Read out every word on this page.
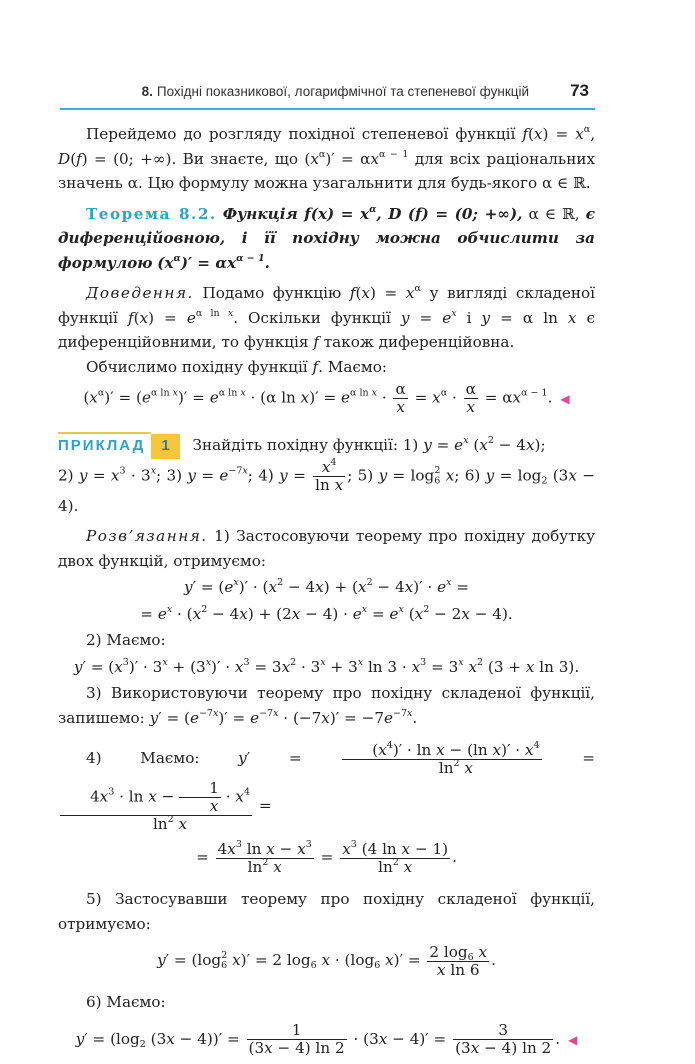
8. Похідні показникової, логарифмічної та степеневої функцій 73

Перейдемо до розгляду похідної степеневої функції $f(x) = x^\alpha$, D(f) = (0; +∞). Ви знаєте, що $(x^\alpha)' = \alpha x^{\alpha - 1}$ для всіх раціональних значень α. Цю формулу можна узагальнити для будь-якого α ∈ ℝ.

Теорема 8.2. Функція $f(x) = x^\alpha$, D (f) = (0; +∞), α ∈ ℝ, є диференційовною, і її похідну можна обчислити за формулою $(x^\alpha)' = \alpha x^{\alpha - 1}$.

Доведення. Подамо функцію $f(x) = x^\alpha$ у вигляді складеної функції $f(x) = e^{\alpha ln x}$. Оскільки функції $y = e^x$ і y = α ln x є диференційовними, то функція f також диференційовна.

Обчислимо похідну функції f. Маємо:

$(x^\alpha)' = (e^{\alpha ln x})' = e^{\alpha ln x} \cdot (\alpha$ $\ln x)' = e^{\alpha ln x} \cdot \frac{\alpha}{x} = x^\alpha \cdot \frac{\alpha}{x} = \alpha x^{\alpha - 1}$. ◀

ПРИКЛАД 1 Знайдіть похідну функції: 1) $y = e^x$ $(x^2 - 4x)$;

2) $y = x^3 \cdot 3^x$; 3) $y = e^{-7x}$; 4) $y = \frac{x^4}{\text{ln x}}$ ; 5) $y = \log_6^2 x$; 6) $y = \log_2 (3x - 4)$.

Розв’язання. 1) Застосовуючи теорему про похідну добутку двох функцій, отримуємо:

$y' = (e^x)' \cdot (x^2 - 4x) + (x^2 - 4x)' \cdot e^x$ =

= $e^x \cdot (x^2 - 4x) + (2x - 4) \cdot e^x = e^x$ $(x^2 - 2x - 4)$.

2) Маємо:

$y' = (x^3)' \cdot 3^x + (3^x)' \cdot x^3 = 3x^2 \cdot 3^x + 3^x$ $\ln 3 \cdot x^3 = 3^x$ $x^2$ (3 + x ln 3).

3) Використовуючи теорему про похідну складеної функції, запишемо: $y' = (e^{-7x})' = e^{-7x} \cdot (-7x)' = -7e^{-7x}$.

4) Маємо:	$y' = \frac{(x^4)' \cdot \ln x - (\ln x)' \cdot x^4}{\ln^2 x}$ =
$\frac{4x^3 \cdot \ln x - \frac{1}{x} \cdot x^4}{\ln^2 x}$ =

= $\frac{4x^3 \ln x - x^3}{\ln^2 x} = \frac{x^3 (4 \ln x - 1)}{\ln^2 x}$ .

5) Застосувавши теорему про похідну складеної функції, отримуємо:

$y' = (\log_6^2$ x)′ = 2 $\log_6 x \cdot (\log_6$ $x)' = \frac{2 \log_6 x}{\text{x ln 6}}$ .

6) Маємо:

$y' = (\log_2$ $(3x - 4))' = \frac{1}{(3x - 4) \ln 2} \cdot (3x - 4)' = \frac{3}{(3x - 4) \ln 2}$ . ◀
